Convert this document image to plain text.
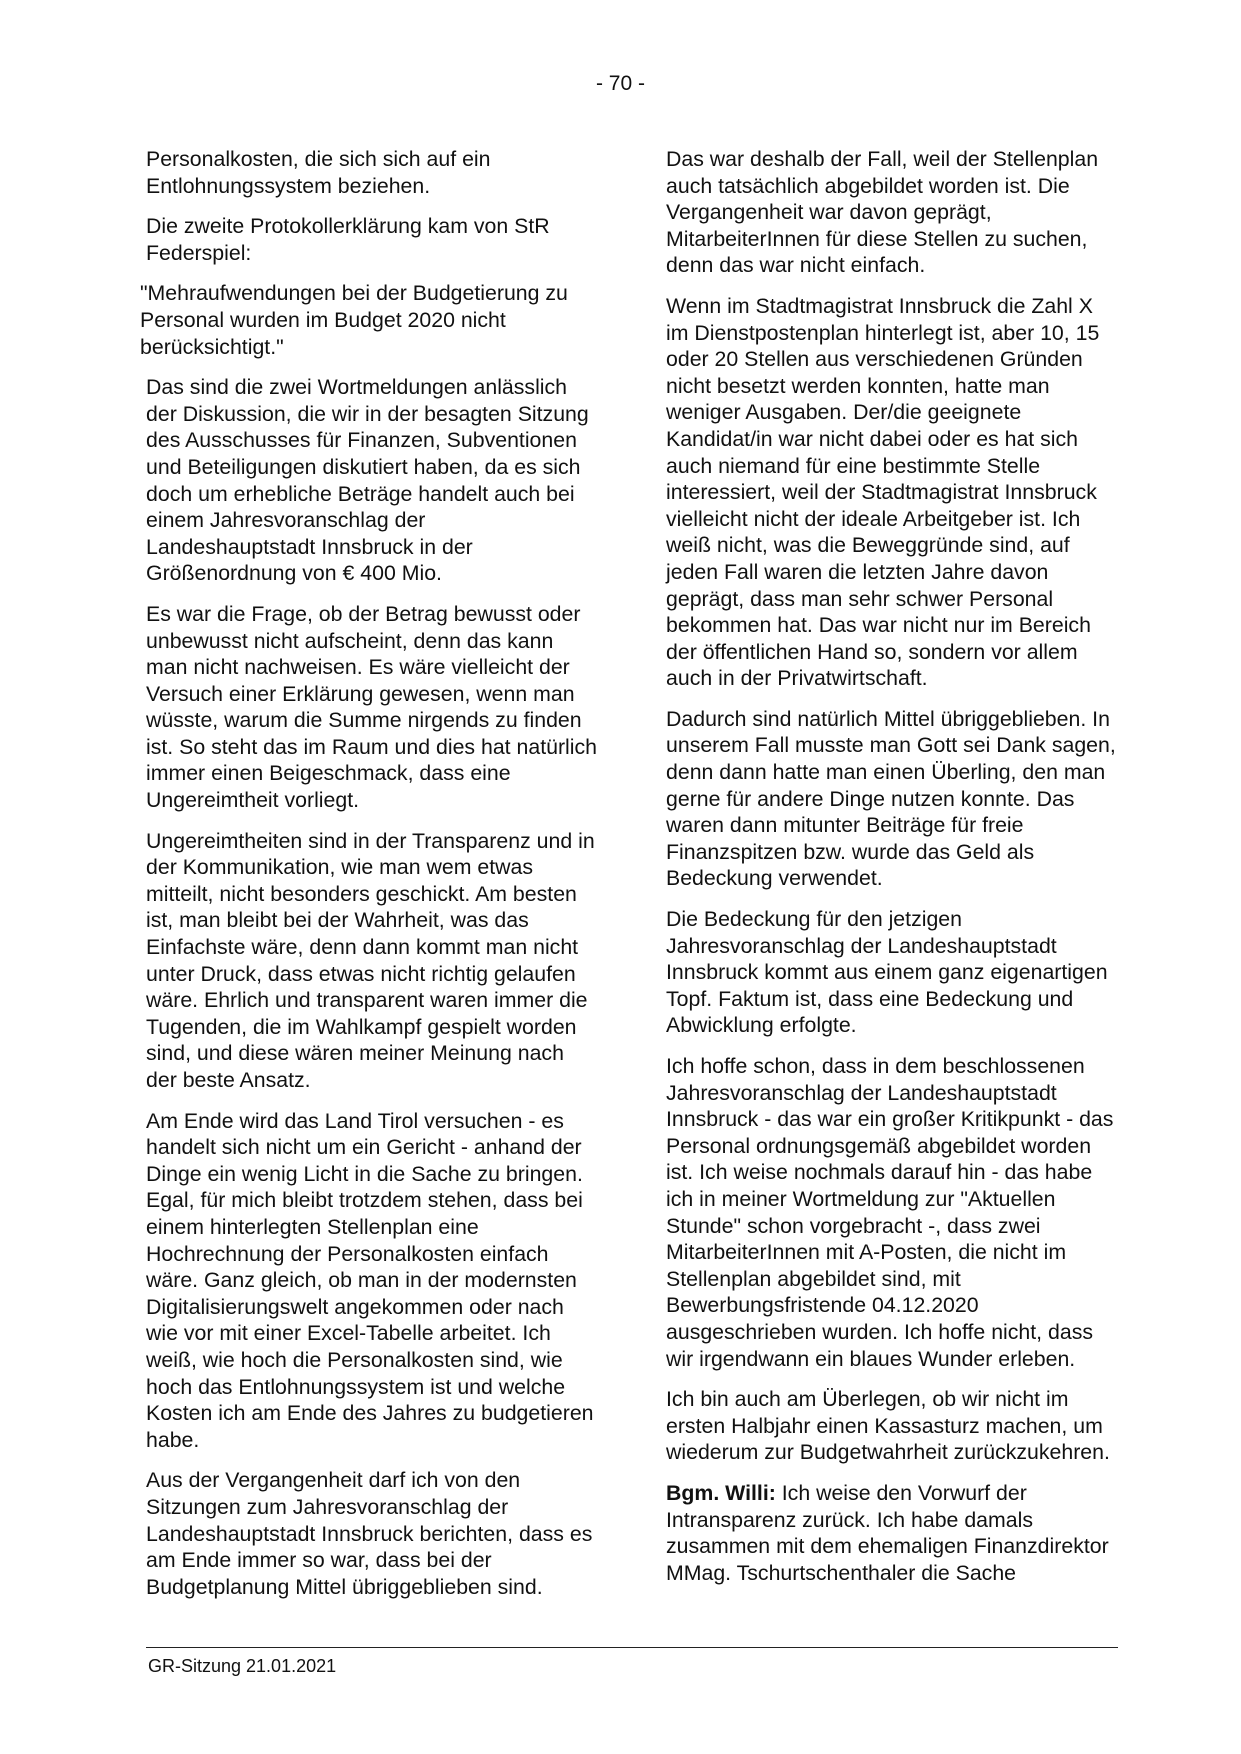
- 70 -

Personalkosten, die sich sich auf ein Entlohnungssystem beziehen.

Die zweite Protokollerklärung kam von StR Federspiel:

"Mehraufwendungen bei der Budgetierung zu Personal wurden im Budget 2020 nicht berücksichtigt."

Das sind die zwei Wortmeldungen anlässlich der Diskussion, die wir in der besagten Sitzung des Ausschusses für Finanzen, Subventionen und Beteiligungen diskutiert haben, da es sich doch um erhebliche Beträge handelt auch bei einem Jahresvoranschlag der Landeshauptstadt Innsbruck in der Größenordnung von € 400 Mio.

Es war die Frage, ob der Betrag bewusst oder unbewusst nicht aufscheint, denn das kann man nicht nachweisen. Es wäre vielleicht der Versuch einer Erklärung gewesen, wenn man wüsste, warum die Summe nirgends zu finden ist. So steht das im Raum und dies hat natürlich immer einen Beigeschmack, dass eine Ungereimtheit vorliegt.

Ungereimtheiten sind in der Transparenz und in der Kommunikation, wie man wem etwas mitteilt, nicht besonders geschickt. Am besten ist, man bleibt bei der Wahrheit, was das Einfachste wäre, denn dann kommt man nicht unter Druck, dass etwas nicht richtig gelaufen wäre. Ehrlich und transparent waren immer die Tugenden, die im Wahlkampf gespielt worden sind, und diese wären meiner Meinung nach der beste Ansatz.

Am Ende wird das Land Tirol versuchen - es handelt sich nicht um ein Gericht - anhand der Dinge ein wenig Licht in die Sache zu bringen. Egal, für mich bleibt trotzdem stehen, dass bei einem hinterlegten Stellenplan eine Hochrechnung der Personalkosten einfach wäre. Ganz gleich, ob man in der modernsten Digitalisierungswelt angekommen oder nach wie vor mit einer Excel-Tabelle arbeitet. Ich weiß, wie hoch die Personalkosten sind, wie hoch das Entlohnungssystem ist und welche Kosten ich am Ende des Jahres zu budgetieren habe.

Aus der Vergangenheit darf ich von den Sitzungen zum Jahresvoranschlag der Landeshauptstadt Innsbruck berichten, dass es am Ende immer so war, dass bei der Budgetplanung Mittel übriggeblieben sind.

Das war deshalb der Fall, weil der Stellenplan auch tatsächlich abgebildet worden ist. Die Vergangenheit war davon geprägt, MitarbeiterInnen für diese Stellen zu suchen, denn das war nicht einfach.

Wenn im Stadtmagistrat Innsbruck die Zahl X im Dienstpostenplan hinterlegt ist, aber 10, 15 oder 20 Stellen aus verschiedenen Gründen nicht besetzt werden konnten, hatte man weniger Ausgaben. Der/die geeignete Kandidat/in war nicht dabei oder es hat sich auch niemand für eine bestimmte Stelle interessiert, weil der Stadtmagistrat Innsbruck vielleicht nicht der ideale Arbeitgeber ist. Ich weiß nicht, was die Beweggründe sind, auf jeden Fall waren die letzten Jahre davon geprägt, dass man sehr schwer Personal bekommen hat. Das war nicht nur im Bereich der öffentlichen Hand so, sondern vor allem auch in der Privatwirtschaft.

Dadurch sind natürlich Mittel übriggeblieben. In unserem Fall musste man Gott sei Dank sagen, denn dann hatte man einen Überling, den man gerne für andere Dinge nutzen konnte. Das waren dann mitunter Beiträge für freie Finanzspitzen bzw. wurde das Geld als Bedeckung verwendet.

Die Bedeckung für den jetzigen Jahresvoranschlag der Landeshauptstadt Innsbruck kommt aus einem ganz eigenartigen Topf. Faktum ist, dass eine Bedeckung und Abwicklung erfolgte.

Ich hoffe schon, dass in dem beschlossenen Jahresvoranschlag der Landeshauptstadt Innsbruck - das war ein großer Kritikpunkt - das Personal ordnungsgemäß abgebildet worden ist. Ich weise nochmals darauf hin - das habe ich in meiner Wortmeldung zur "Aktuellen Stunde" schon vorgebracht -, dass zwei MitarbeiterInnen mit A-Posten, die nicht im Stellenplan abgebildet sind, mit Bewerbungsfristende 04.12.2020 ausgeschrieben wurden. Ich hoffe nicht, dass wir irgendwann ein blaues Wunder erleben.

Ich bin auch am Überlegen, ob wir nicht im ersten Halbjahr einen Kassasturz machen, um wiederum zur Budgetwahrheit zurückzukehren.

Bgm. Willi: Ich weise den Vorwurf der Intransparenz zurück. Ich habe damals zusammen mit dem ehemaligen Finanzdirektor MMag. Tschurtschenthaler die Sache

GR-Sitzung 21.01.2021
